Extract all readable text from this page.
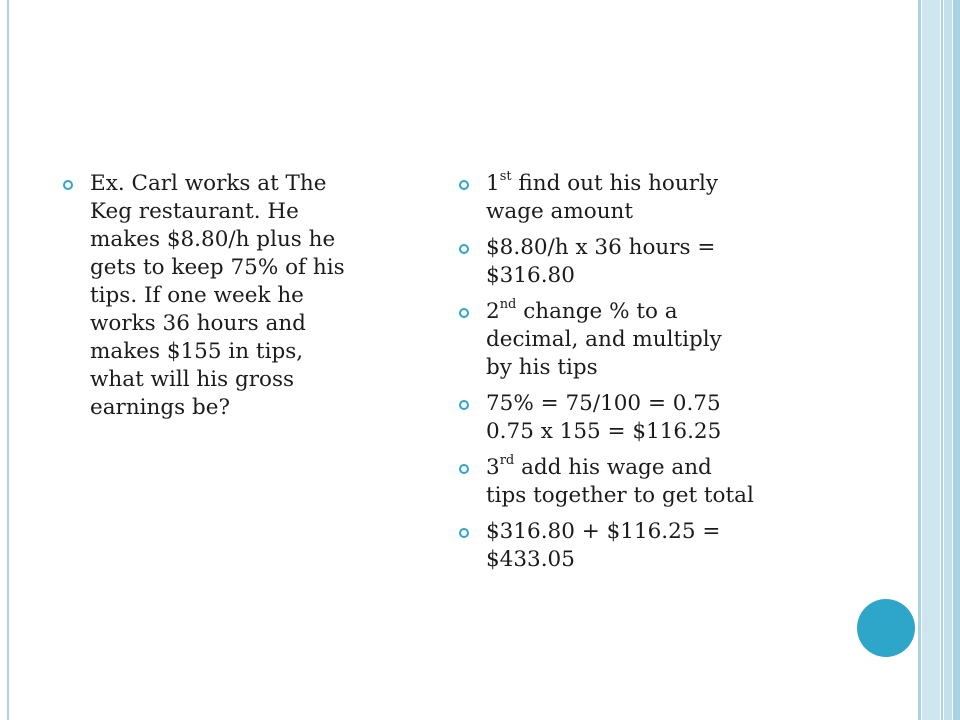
Ex. Carl works at The
Keg restaurant. He
makes $8.80/h plus he
gets to keep 75% of his
tips. If one week he
works 36 hours and
makes $155 in tips,
what will his gross
earnings be?
1st find out his hourly
wage amount
$8.80/h x 36 hours =
$316.80
2nd change % to a
decimal, and multiply
by his tips
75% = 75/100 = 0.75
0.75 x 155 = $116.25
3rd add his wage and
tips together to get total
$316.80 + $116.25 =
$433.05
